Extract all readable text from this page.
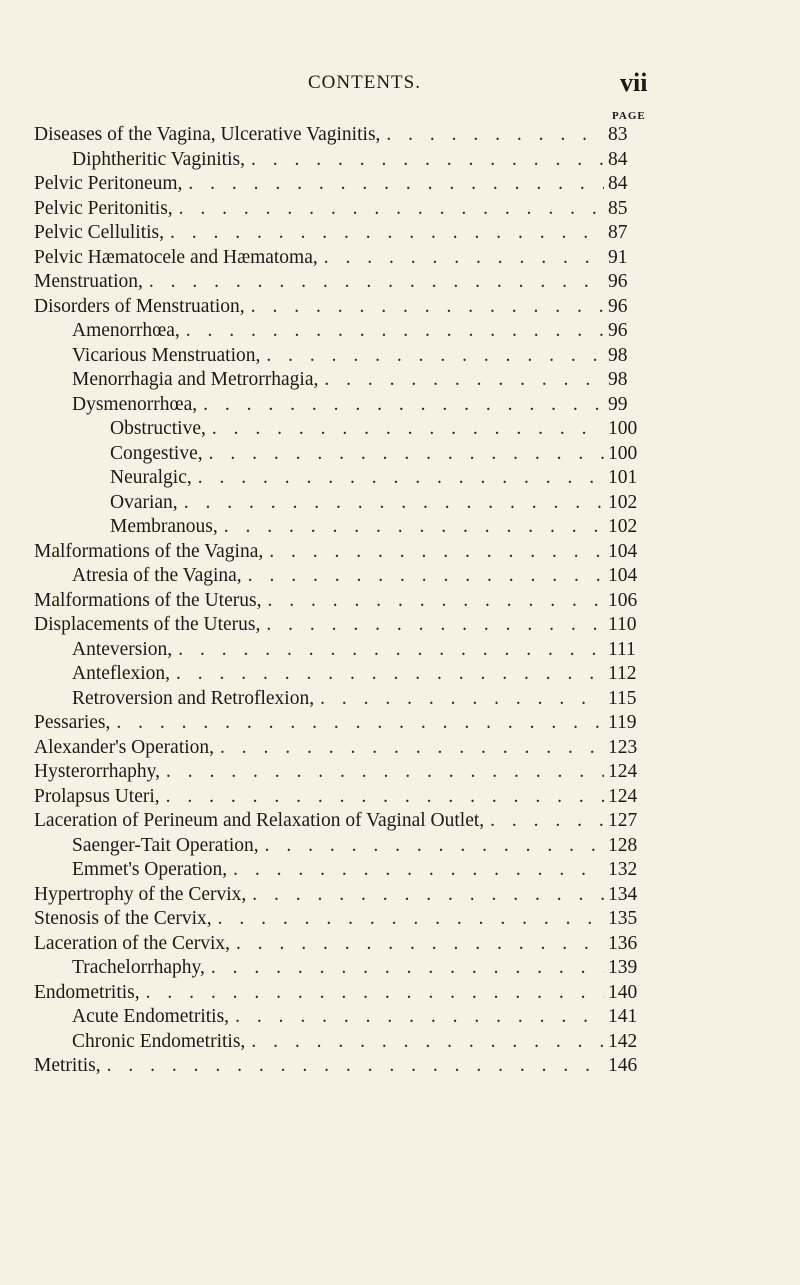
CONTENTS.	vii
PAGE
Diseases of the Vagina, Ulcerative Vaginitis, . . .	83
Diphtheritic Vaginitis, . . .	84
Pelvic Peritoneum, . . .	84
Pelvic Peritonitis, . . .	85
Pelvic Cellulitis, . . .	87
Pelvic Hæmatocele and Hæmatoma, . . .	91
Menstruation, . . .	96
Disorders of Menstruation, . . .	96
Amenorrhœa, . . .	96
Vicarious Menstruation, . . .	98
Menorrhagia and Metrorrhagia, . . .	98
Dysmenorrhœa, . . .	99
Obstructive, . . .	100
Congestive, . . .	100
Neuralgic, . . .	101
Ovarian, . . .	102
Membranous, . . .	102
Malformations of the Vagina, . . .	104
Atresia of the Vagina, . . .	104
Malformations of the Uterus, . . .	106
Displacements of the Uterus, . . .	110
Anteversion, . . .	111
Anteflexion, . . .	112
Retroversion and Retroflexion, . . .	115
Pessaries, . . .	119
Alexander's Operation, . . .	123
Hysterorrhaphy, . . .	124
Prolapsus Uteri, . . .	124
Laceration of Perineum and Relaxation of Vaginal Outlet, . . .	127
Saenger-Tait Operation, . . .	128
Emmet's Operation, . . .	132
Hypertrophy of the Cervix, . . .	134
Stenosis of the Cervix, . . .	135
Laceration of the Cervix, . . .	136
Trachelorrhaphy, . . .	139
Endometritis, . . .	140
Acute Endometritis, . . .	141
Chronic Endometritis, . . .	142
Metritis, . . .	146
